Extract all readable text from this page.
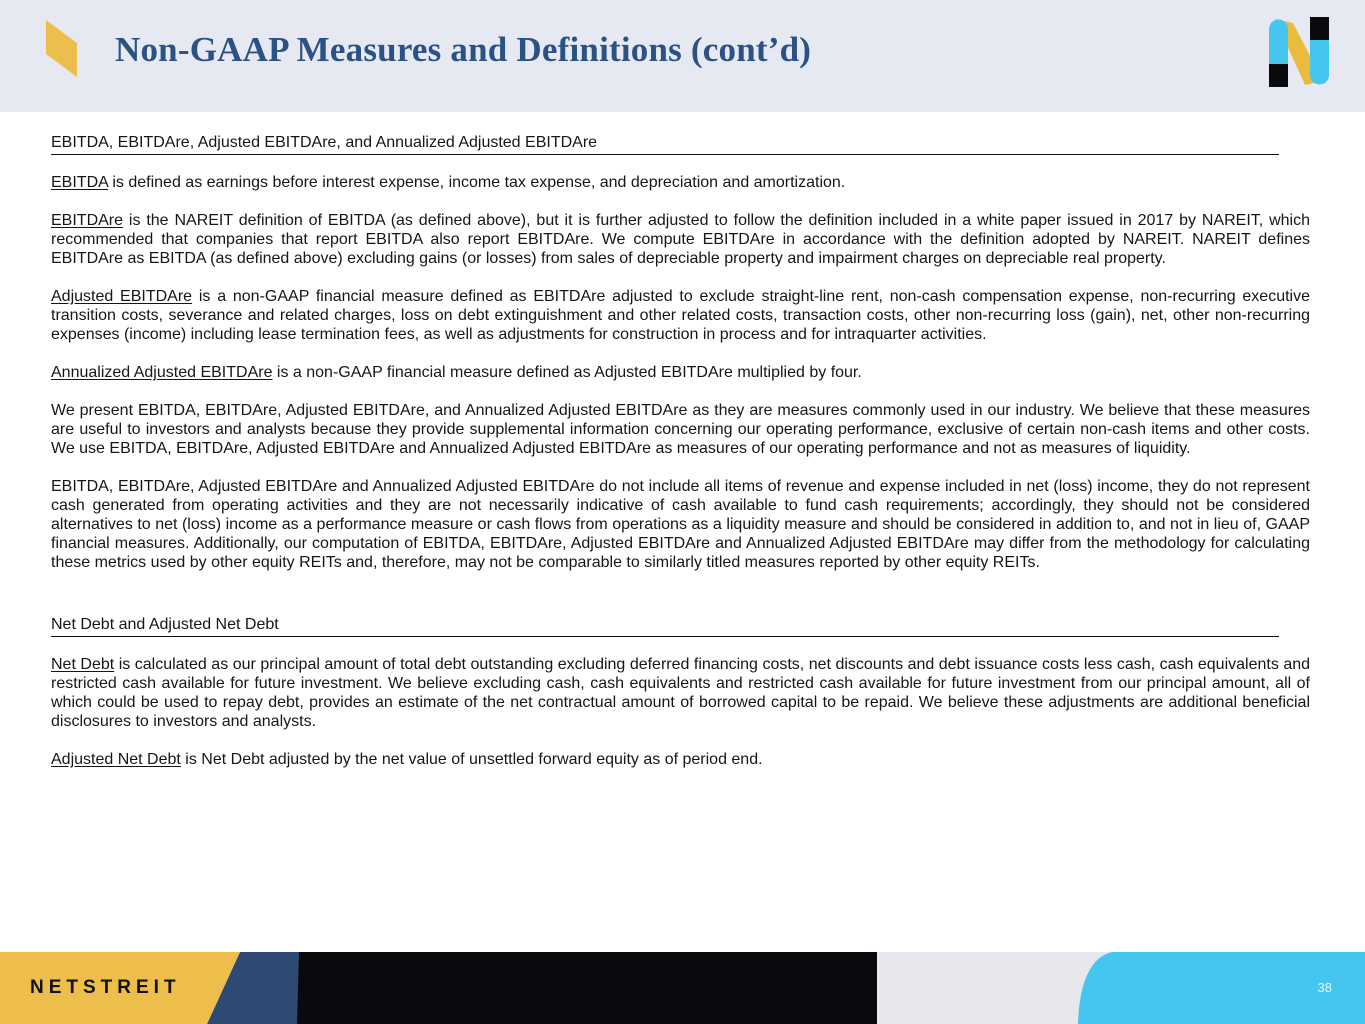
Non-GAAP Measures and Definitions (cont’d)
EBITDA, EBITDAre, Adjusted EBITDAre, and Annualized Adjusted EBITDAre

EBITDA is defined as earnings before interest expense, income tax expense, and depreciation and amortization.

EBITDAre is the NAREIT definition of EBITDA (as defined above), but it is further adjusted to follow the definition included in a white paper issued in 2017 by NAREIT, which recommended that companies that report EBITDA also report EBITDAre. We compute EBITDAre in accordance with the definition adopted by NAREIT. NAREIT defines EBITDAre as EBITDA (as defined above) excluding gains (or losses) from sales of depreciable property and impairment charges on depreciable real property.

Adjusted EBITDAre is a non-GAAP financial measure defined as EBITDAre adjusted to exclude straight-line rent, non-cash compensation expense, non-recurring executive transition costs, severance and related charges, loss on debt extinguishment and other related costs, transaction costs, other non-recurring loss (gain), net, other non-recurring expenses (income) including lease termination fees, as well as adjustments for construction in process and for intraquarter activities.

Annualized Adjusted EBITDAre is a non-GAAP financial measure defined as Adjusted EBITDAre multiplied by four.

We present EBITDA, EBITDAre, Adjusted EBITDAre, and Annualized Adjusted EBITDAre as they are measures commonly used in our industry. We believe that these measures are useful to investors and analysts because they provide supplemental information concerning our operating performance, exclusive of certain non-cash items and other costs. We use EBITDA, EBITDAre, Adjusted EBITDAre and Annualized Adjusted EBITDAre as measures of our operating performance and not as measures of liquidity.

EBITDA, EBITDAre, Adjusted EBITDAre and Annualized Adjusted EBITDAre do not include all items of revenue and expense included in net (loss) income, they do not represent cash generated from operating activities and they are not necessarily indicative of cash available to fund cash requirements; accordingly, they should not be considered alternatives to net (loss) income as a performance measure or cash flows from operations as a liquidity measure and should be considered in addition to, and not in lieu of, GAAP financial measures. Additionally, our computation of EBITDA, EBITDAre, Adjusted EBITDAre and Annualized Adjusted EBITDAre may differ from the methodology for calculating these metrics used by other equity REITs and, therefore, may not be comparable to similarly titled measures reported by other equity REITs.

Net Debt and Adjusted Net Debt

Net Debt is calculated as our principal amount of total debt outstanding excluding deferred financing costs, net discounts and debt issuance costs less cash, cash equivalents and restricted cash available for future investment. We believe excluding cash, cash equivalents and restricted cash available for future investment from our principal amount, all of which could be used to repay debt, provides an estimate of the net contractual amount of borrowed capital to be repaid. We believe these adjustments are additional beneficial disclosures to investors and analysts.

Adjusted Net Debt is Net Debt adjusted by the net value of unsettled forward equity as of period end.

NETSTREIT	38
